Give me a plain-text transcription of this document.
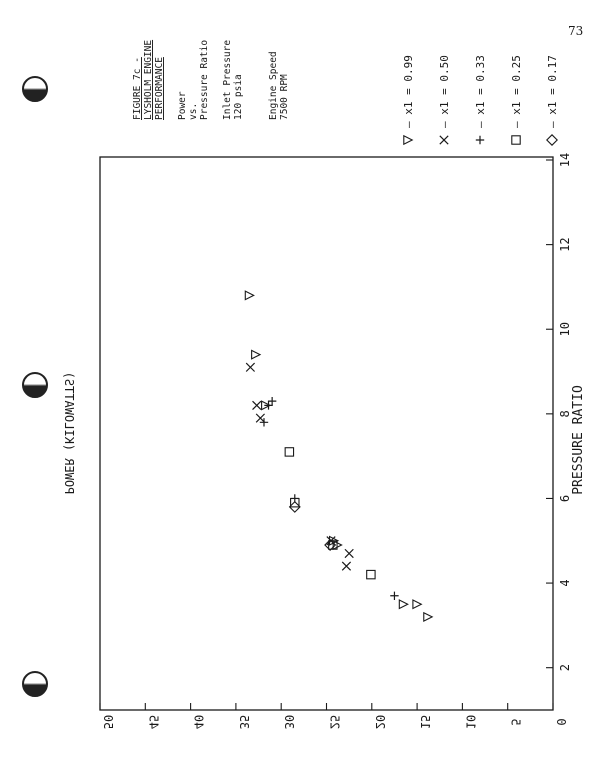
73
2
4
6
8
10
12
14
0
5
10
15
20
25
30
35
40
45
50
— x1 = 0.99 — x1 = 0.50 — x1 = 0.33 — x1 = 0.25 — x1 = 0.17
FIGURE 7c - LYSHOLM ENGINE PERFORMANCE Power vs. Pressure Ratio Inlet Pressure 120 psia	Engine Speed 7500 RPM
PRESSURE RATIO
POWER (KILOWATTS)
